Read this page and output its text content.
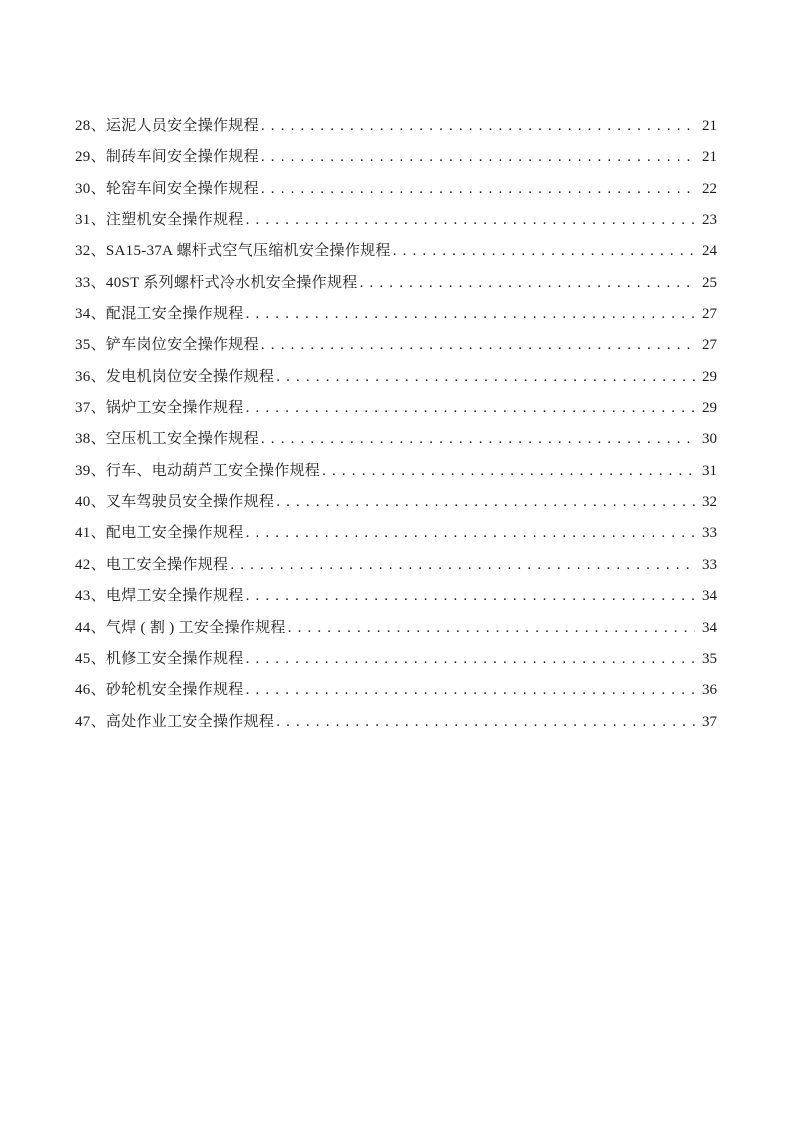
28、运泥人员安全操作规程 . . .	21
29、制砖车间安全操作规程 . . .	21
30、轮窑车间安全操作规程 . . .	22
31、注塑机安全操作规程 . . .	23
32、SA15-37A 螺杆式空气压缩机安全操作规程 . . .	24
33、40ST 系列螺杆式冷水机安全操作规程 . . .	25
34、配混工安全操作规程 . . .	27
35、铲车岗位安全操作规程 . . .	27
36、发电机岗位安全操作规程 . . .	29
37、锅炉工安全操作规程 . . .	29
38、空压机工安全操作规程 . . .	30
39、行车、电动葫芦工安全操作规程 . . .	31
40、叉车驾驶员安全操作规程 . . .	32
41、配电工安全操作规程 . . .	33
42、电工安全操作规程 . . .	33
43、电焊工安全操作规程 . . .	34
44、气焊 ( 割 ) 工安全操作规程 . . .	34
45、机修工安全操作规程 . . .	35
46、砂轮机安全操作规程 . . .	36
47、高处作业工安全操作规程 . . .	37
